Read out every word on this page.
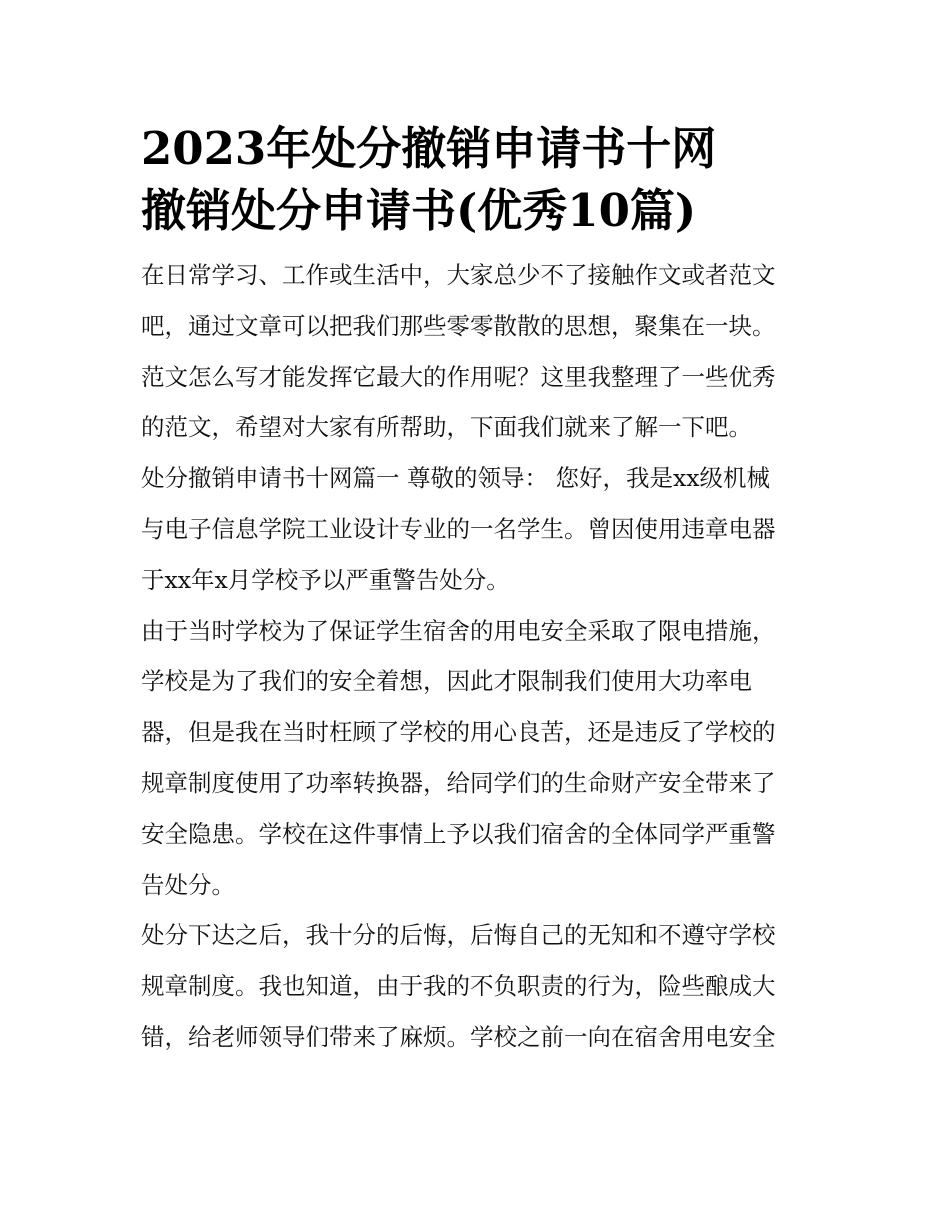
2023年处分撤销申请书十网
撤销处分申请书(优秀10篇)

在日常学习、工作或生活中，大家总少不了接触作文或者范文
吧，通过文章可以把我们那些零零散散的思想，聚集在一块。
范文怎么写才能发挥它最大的作用呢？这里我整理了一些优秀
的范文，希望对大家有所帮助，下面我们就来了解一下吧。

处分撤销申请书十网篇一 尊敬的领导： 您好，我是xx级机械
与电子信息学院工业设计专业的一名学生。曾因使用违章电器
于xx年x月学校予以严重警告处分。

由于当时学校为了保证学生宿舍的用电安全采取了限电措施，
学校是为了我们的安全着想，因此才限制我们使用大功率电
器，但是我在当时枉顾了学校的用心良苦，还是违反了学校的
规章制度使用了功率转换器，给同学们的生命财产安全带来了
安全隐患。学校在这件事情上予以我们宿舍的全体同学严重警
告处分。

处分下达之后，我十分的后悔，后悔自己的无知和不遵守学校
规章制度。我也知道，由于我的不负职责的行为，险些酿成大
错，给老师领导们带来了麻烦。学校之前一向在宿舍用电安全
